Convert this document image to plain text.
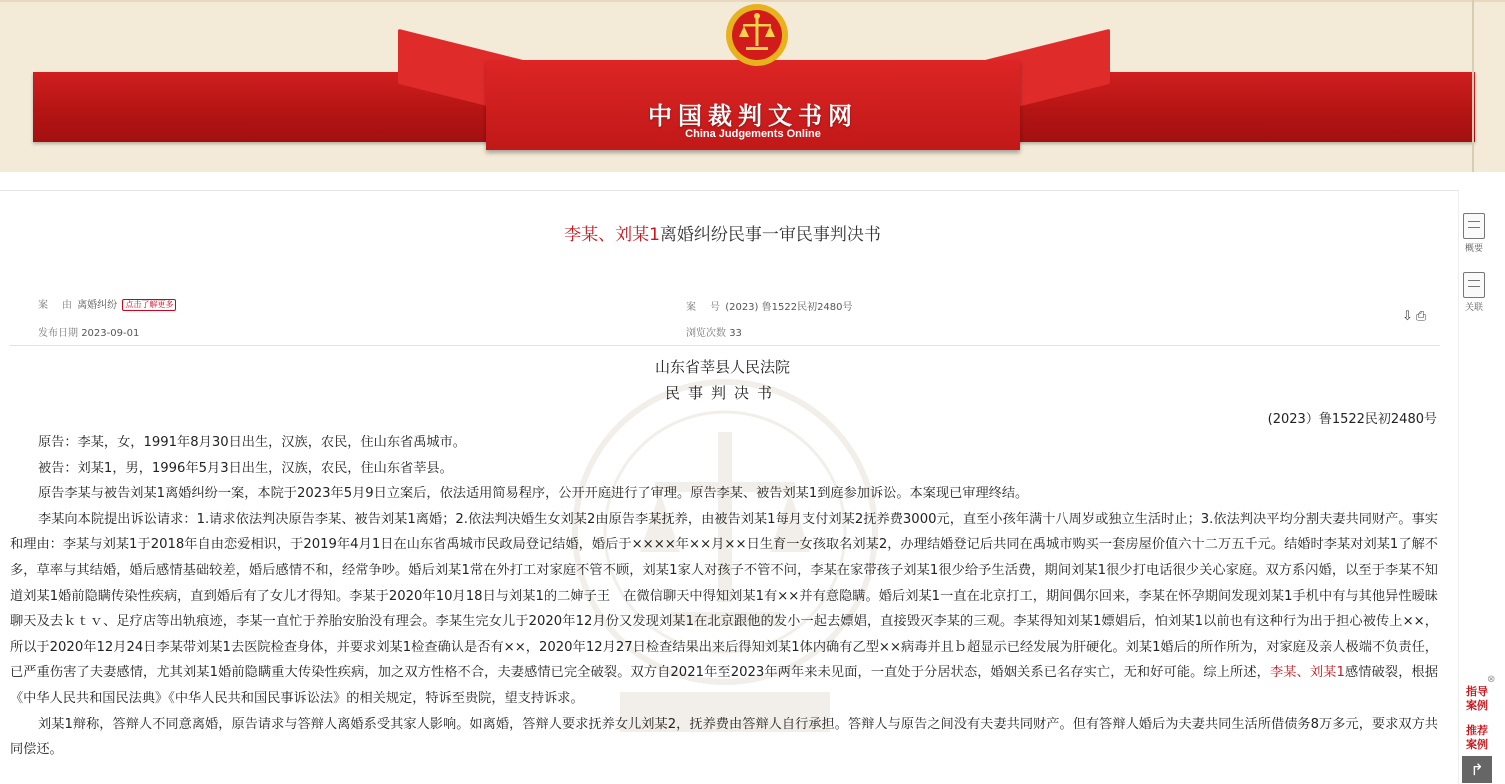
中国裁判文书网
China Judgements Online
李某、刘某1离婚纠纷民事一审民事判决书
案　由 离婚纠纷 点击了解更多
发布日期 2023-09-01
案　号 (2023) 鲁1522民初2480号
浏览次数 33
⇩⎙
山东省莘县人民法院
民事判决书
(2023）鲁1522民初2480号

原告：李某，女，1991年8月30日出生，汉族，农民，住山东省禹城市。

被告：刘某1，男，1996年5月3日出生，汉族，农民，住山东省莘县。

原告李某与被告刘某1离婚纠纷一案，本院于2023年5月9日立案后，依法适用简易程序，公开开庭进行了审理。原告李某、被告刘某1到庭参加诉讼。本案现已审理终结。

李某向本院提出诉讼请求：1.请求依法判决原告李某、被告刘某1离婚；2.依法判决婚生女刘某2由原告李某抚养，由被告刘某1每月支付刘某2抚养费3000元，直至小孩年满十八周岁或独立生活时止；3.依法判决平均分割夫妻共同财产。事实和理由：李某与刘某1于2018年自由恋爱相识，于2019年4月1日在山东省禹城市民政局登记结婚，婚后于××××年××月××日生育一女孩取名刘某2，办理结婚登记后共同在禹城市购买一套房屋价值六十二万五千元。结婚时李某对刘某1了解不多，草率与其结婚，婚后感情基础较差，婚后感情不和，经常争吵。婚后刘某1常在外打工对家庭不管不顾，刘某1家人对孩子不管不问，李某在家带孩子刘某1很少给予生活费，期间刘某1很少打电话很少关心家庭。双方系闪婚，以至于李某不知道刘某1婚前隐瞒传染性疾病，直到婚后有了女儿才得知。李某于2020年10月18日与刘某1的二婶子王　在微信聊天中得知刘某1有××并有意隐瞒。婚后刘某1一直在北京打工，期间偶尔回来，李某在怀孕期间发现刘某1手机中有与其他异性暧昧聊天及去ｋｔｖ、足疗店等出轨痕迹，李某一直忙于养胎安胎没有理会。李某生完女儿于2020年12月份又发现刘某1在北京跟他的发小一起去嫖娼，直接毁灭李某的三观。李某得知刘某1嫖娼后，怕刘某1以前也有这种行为出于担心被传上××，所以于2020年12月24日李某带刘某1去医院检查身体，并要求刘某1检查确认是否有××，2020年12月27日检查结果出来后得知刘某1体内确有乙型××病毒并且ｂ超显示已经发展为肝硬化。刘某1婚后的所作所为，对家庭及亲人极端不负责任，已严重伤害了夫妻感情，尤其刘某1婚前隐瞒重大传染性疾病，加之双方性格不合，夫妻感情已完全破裂。双方自2021年至2023年两年来未见面，一直处于分居状态，婚姻关系已名存实亡，无和好可能。综上所述，李某、刘某1感情破裂，根据《中华人民共和国民法典》《中华人民共和国民事诉讼法》的相关规定，特诉至贵院，望支持诉求。

刘某1辩称，答辩人不同意离婚，原告请求与答辩人离婚系受其家人影响。如离婚，答辩人要求抚养女儿刘某2，抚养费由答辩人自行承担。答辩人与原告之间没有夫妻共同财产。但有答辩人婚后为夫妻共同生活所借债务8万多元，要求双方共同偿还。

概要
关联
⊗
指导
案例
推荐
案例
↱
